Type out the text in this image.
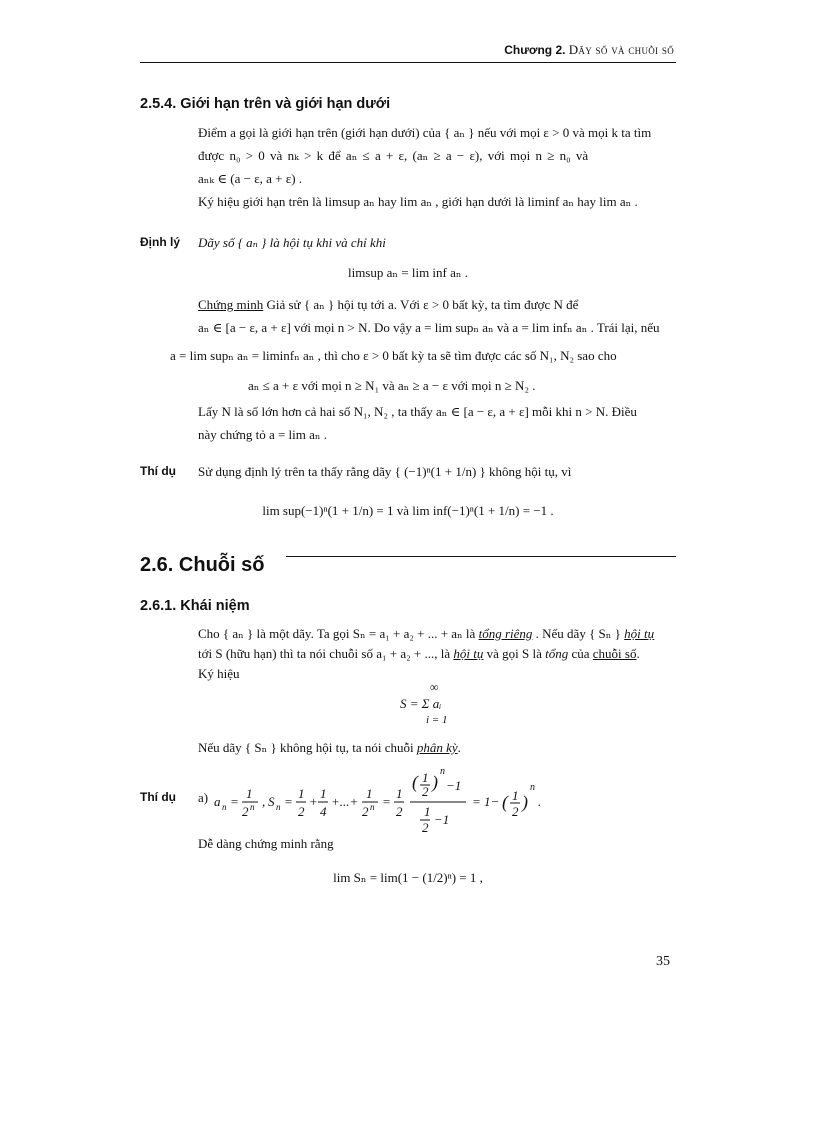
Chương 2. Dãy số và chuỗi số
2.5.4. Giới hạn trên và giới hạn dưới
Điểm a gọi là giới hạn trên (giới hạn dưới) của { aₙ } nếu với mọi ε > 0 và mọi k ta tìm
được n₀ > 0 và nₖ > k để aₙ ≤ a + ε, (aₙ ≥ a − ε), với mọi n ≥ n₀ và
aₙₖ ∈ (a − ε, a + ε) .
Ký hiệu giới hạn trên là limsup aₙ hay lim aₙ , giới hạn dưới là liminf aₙ hay lim aₙ .
Định lý Dãy số { aₙ } là hội tụ khi và chỉ khi
limsup aₙ = lim inf aₙ .
Chứng minh Giả sử { aₙ } hội tụ tới a. Với ε > 0 bất kỳ, ta tìm được N để
aₙ ∈ [a − ε, a + ε] với mọi n > N. Do vậy a = lim supₙ aₙ và a = lim infₙ aₙ . Trái lại, nếu
a = lim supₙ aₙ = liminfₙ aₙ , thì cho ε > 0 bất kỳ ta sẽ tìm được các số N₁, N₂ sao cho
aₙ ≤ a + ε với mọi n ≥ N₁ và aₙ ≥ a − ε với mọi n ≥ N₂ .
Lấy N là số lớn hơn cả hai số N₁, N₂ , ta thấy aₙ ∈ [a − ε, a + ε] mỗi khi n > N. Điều
này chứng tỏ a = lim aₙ .
Thí dụ Sử dụng định lý trên ta thấy rằng dãy { (−1)ⁿ(1 + 1/n) } không hội tụ, vì
lim sup(−1)ⁿ(1 + 1/n) = 1 và lim inf(−1)ⁿ(1 + 1/n) = −1 .
2.6. Chuỗi số
2.6.1. Khái niệm
Cho { aₙ } là một dãy. Ta gọi Sₙ = a₁ + a₂ + ... + aₙ là tổng riêng . Nếu dãy { Sₙ } hội tụ
tới S (hữu hạn) thì ta nói chuỗi số a₁ + a₂ + ..., là hội tụ và gọi S là tổng của chuỗi số.
Ký hiệu
∞
S = Σ aᵢ
i = 1
Nếu dãy { Sₙ } không hội tụ, ta nói chuỗi phân kỳ.
Thí dụ a) a n =
1
2 n , S n =
1
2
+
1
4
+...+
1
2 n =
1
2
( 1
2 )
n
−1
1
2
−1
= 1− ( 1
2 )
n
.
Dễ dàng chứng minh rằng
lim Sₙ = lim(1 − (1/2)ⁿ) = 1 ,
35
